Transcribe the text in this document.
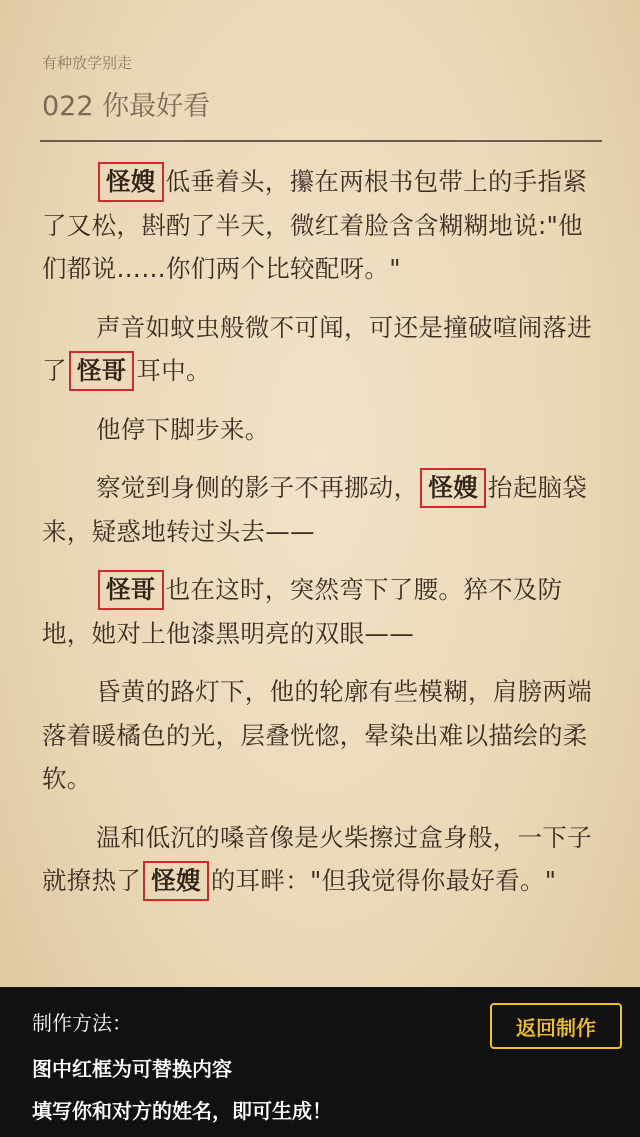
有种放学别走
022 你最好看

怪嫂 低垂着头，攥在两根书包带上的手指紧了又松，斟酌了半天，微红着脸含含糊糊地说:"他们都说……你们两个比较配呀。"

声音如蚊虫般微不可闻，可还是撞破喧闹落进了 怪哥 耳中。

他停下脚步来。

察觉到身侧的影子不再挪动， 怪嫂 抬起脑袋来，疑惑地转过头去——

怪哥 也在这时，突然弯下了腰。猝不及防地，她对上他漆黑明亮的双眼——

昏黄的路灯下，他的轮廓有些模糊，肩膀两端落着暖橘色的光，层叠恍惚，晕染出难以描绘的柔软。

温和低沉的嗓音像是火柴擦过盒身般，一下子就撩热了 怪嫂 的耳畔："但我觉得你最好看。"

制作方法：
图中红框为可替换内容
填写你和对方的姓名，即可生成！
返回制作
